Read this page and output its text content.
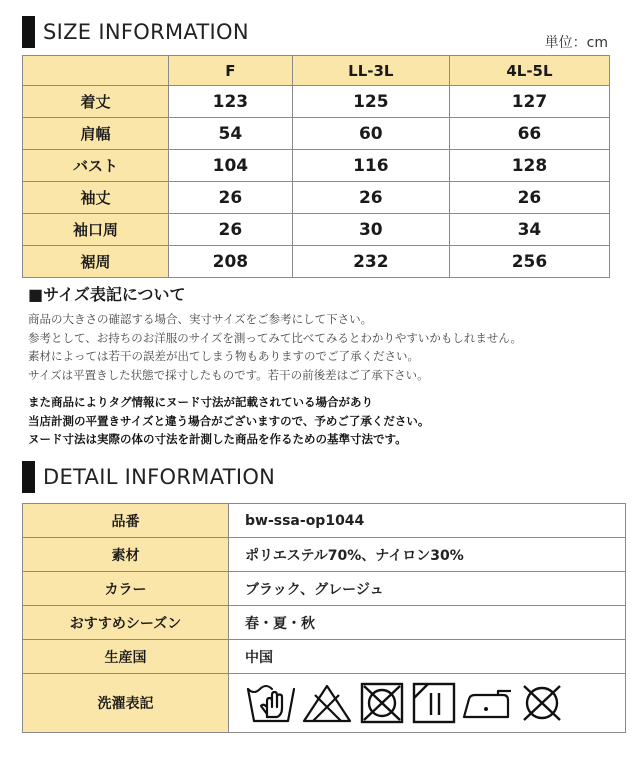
SIZE INFORMATION	単位：cm
	F	LL-3L	4L-5L
着丈	123	125	127
肩幅	54	60	66
バスト	104	116	128
袖丈	26	26	26
袖口周	26	30	34
裾周	208	232	256
■サイズ表記について
商品の大きさの確認する場合、実寸サイズをご参考にして下さい。
参考として、お持ちのお洋服のサイズを測ってみて比べてみるとわかりやすいかもしれません。
素材によっては若干の誤差が出てしまう物もありますのでご了承ください。
サイズは平置きした状態で採寸したものです。若干の前後差はご了承下さい。
また商品によりタグ情報にヌード寸法が記載されている場合があり
当店計測の平置きサイズと違う場合がございますので、予めご了承ください。
ヌード寸法は実際の体の寸法を計測した商品を作るための基準寸法です。
DETAIL INFORMATION
品番	bw-ssa-op1044
素材	ポリエステル70%、ナイロン30%
カラー	ブラック、グレージュ
おすすめシーズン	春・夏・秋
生産国	中国
洗濯表記	
